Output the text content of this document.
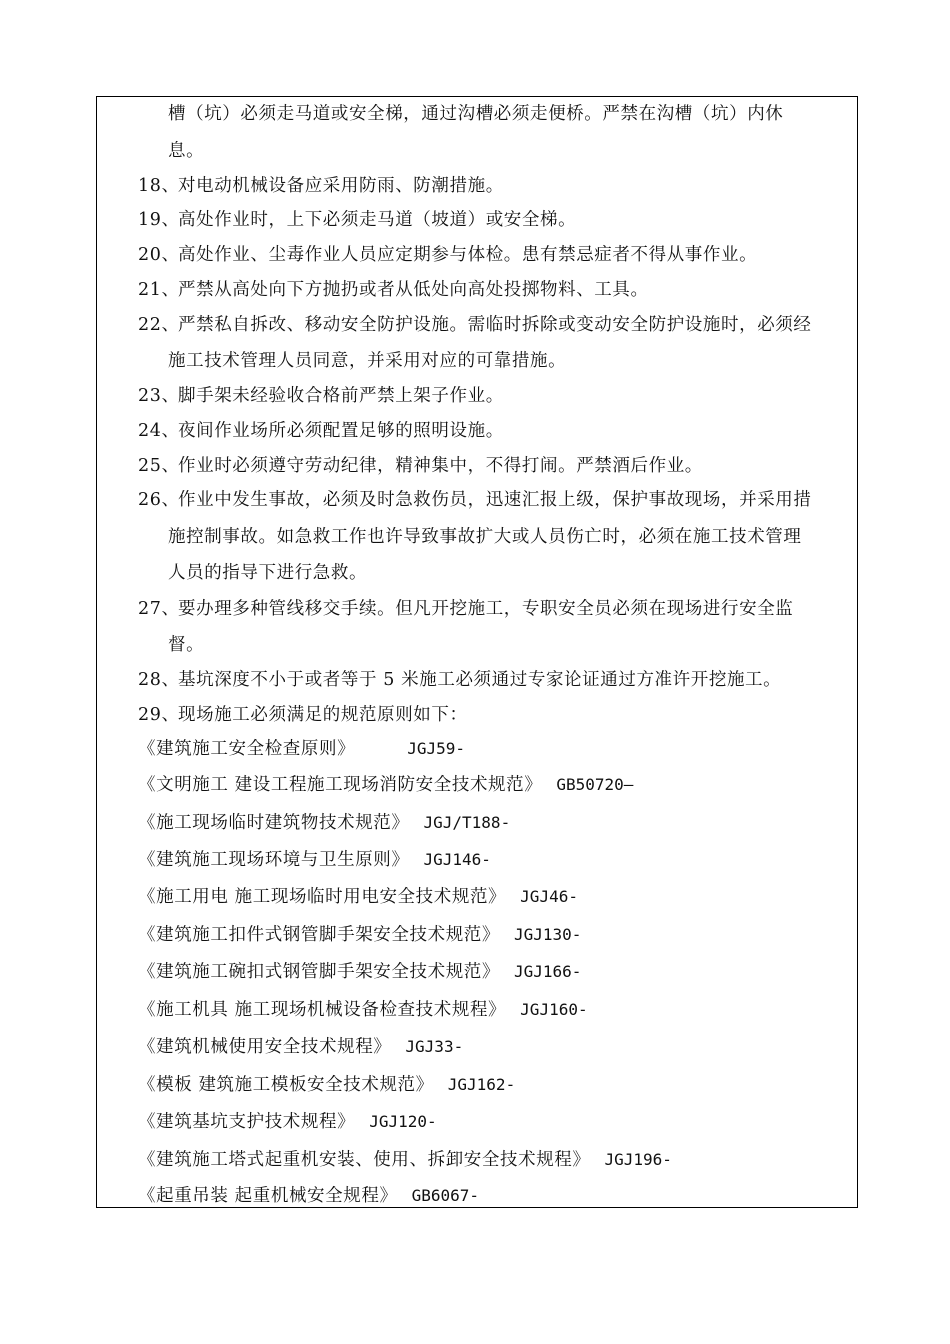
槽（坑）必须走马道或安全梯，通过沟槽必须走便桥。严禁在沟槽（坑）内休
息。
18、
对电动机械设备应采用防雨、防潮措施。
19、
高处作业时，上下必须走马道（坡道）或安全梯。
20、
高处作业、尘毒作业人员应定期参与体检。患有禁忌症者不得从事作业。
21、
严禁从高处向下方抛扔或者从低处向高处投掷物料、工具。
22、
严禁私自拆改、移动安全防护设施。需临时拆除或变动安全防护设施时，必须经
施工技术管理人员同意，并采用对应的可靠措施。
23、
脚手架未经验收合格前严禁上架子作业。
24、
夜间作业场所必须配置足够的照明设施。
25、
作业时必须遵守劳动纪律，精神集中，不得打闹。严禁酒后作业。
26、
作业中发生事故，必须及时急救伤员，迅速汇报上级，保护事故现场，并采用措
施控制事故。如急救工作也许导致事故扩大或人员伤亡时，必须在施工技术管理
人员的指导下进行急救。
27、
要办理多种管线移交手续。但凡开挖施工，专职安全员必须在现场进行安全监
督。
28、
基坑深度不小于或者等于 5 米施工必须通过专家论证通过方准许开挖施工。
29、
现场施工必须满足的规范原则如下：
《建筑施工安全检查原则》	JGJ59-
《文明施工 建设工程施工现场消防安全技术规范》 GB50720—
《施工现场临时建筑物技术规范》 JGJ/T188-
《建筑施工现场环境与卫生原则》 JGJ146-
《施工用电 施工现场临时用电安全技术规范》 JGJ46-
《建筑施工扣件式钢管脚手架安全技术规范》 JGJ130-
《建筑施工碗扣式钢管脚手架安全技术规范》 JGJ166-
《施工机具 施工现场机械设备检查技术规程》 JGJ160-
《建筑机械使用安全技术规程》 JGJ33-
《模板 建筑施工模板安全技术规范》 JGJ162-
《建筑基坑支护技术规程》 JGJ120-
《建筑施工塔式起重机安装、使用、拆卸安全技术规程》 JGJ196-
《起重吊装 起重机械安全规程》 GB6067-
